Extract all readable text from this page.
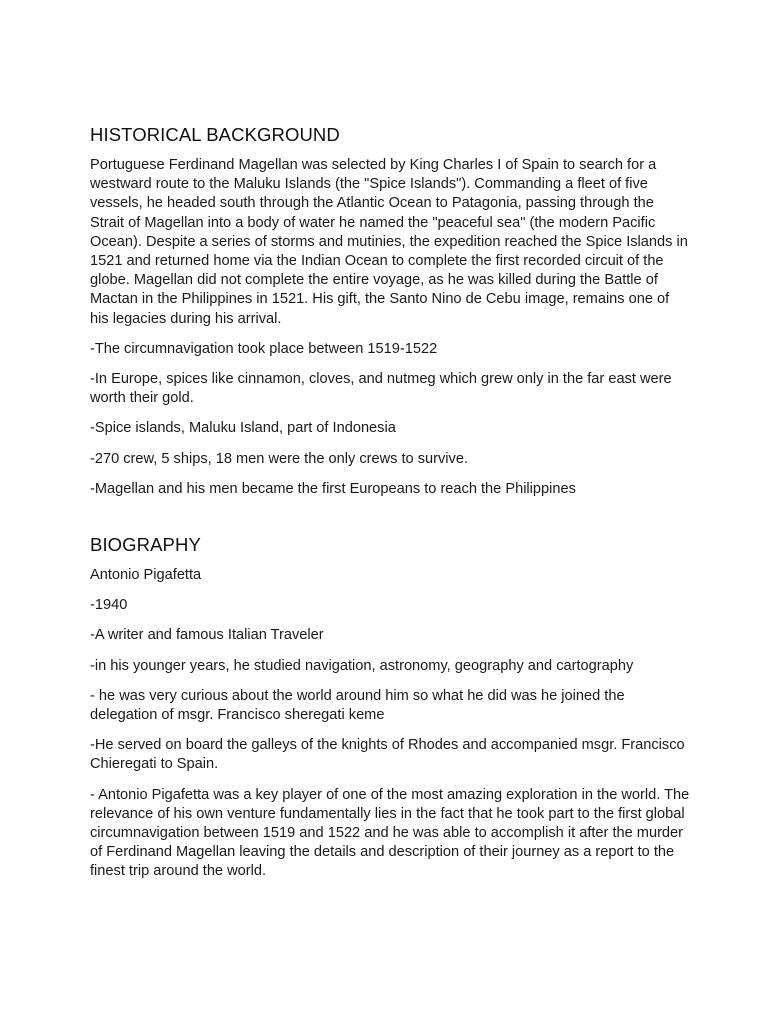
HISTORICAL BACKGROUND

Portuguese Ferdinand Magellan was selected by King Charles I of Spain to search for a westward route to the Maluku Islands (the "Spice Islands"). Commanding a fleet of five vessels, he headed south through the Atlantic Ocean to Patagonia, passing through the Strait of Magellan into a body of water he named the "peaceful sea" (the modern Pacific Ocean). Despite a series of storms and mutinies, the expedition reached the Spice Islands in 1521 and returned home via the Indian Ocean to complete the first recorded circuit of the globe. Magellan did not complete the entire voyage, as he was killed during the Battle of Mactan in the Philippines in 1521. His gift, the Santo Nino de Cebu image, remains one of his legacies during his arrival.

-The circumnavigation took place between 1519-1522

-In Europe, spices like cinnamon, cloves, and nutmeg which grew only in the far east were worth their gold.

-Spice islands, Maluku Island, part of Indonesia

-270 crew, 5 ships, 18 men were the only crews to survive.

-Magellan and his men became the first Europeans to reach the Philippines

BIOGRAPHY

Antonio Pigafetta

-1940

-A writer and famous Italian Traveler

-in his younger years, he studied navigation, astronomy, geography and cartography

- he was very curious about the world around him so what he did was he joined the delegation of msgr. Francisco sheregati keme

-He served on board the galleys of the knights of Rhodes and accompanied msgr. Francisco Chieregati to Spain.

- Antonio Pigafetta was a key player of one of the most amazing exploration in the world. The relevance of his own venture fundamentally lies in the fact that he took part to the first global circumnavigation between 1519 and 1522 and he was able to accomplish it after the murder of Ferdinand Magellan leaving the details and description of their journey as a report to the finest trip around the world.
